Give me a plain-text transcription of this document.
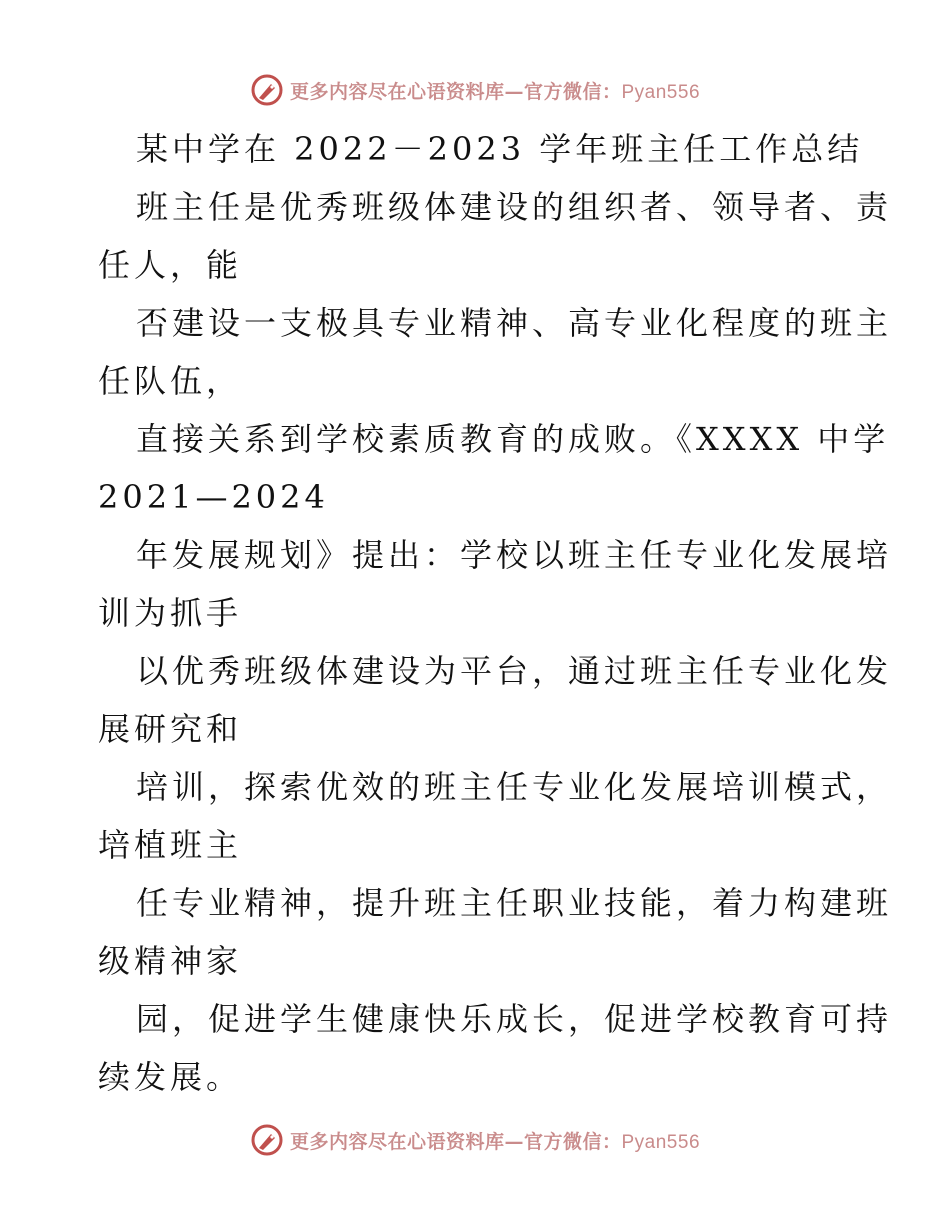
更多内容尽在心语资料库—官方微信：Pyan556

某中学在 2022－2023 学年班主任工作总结

班主任是优秀班级体建设的组织者、领导者、责

任人，能

否建设一支极具专业精神、高专业化程度的班主

任队伍，

直接关系到学校素质教育的成败。《XXXX 中学

2021—2024

年发展规划》提出：学校以班主任专业化发展培

训为抓手

以优秀班级体建设为平台，通过班主任专业化发

展研究和

培训，探索优效的班主任专业化发展培训模式，

培植班主

任专业精神，提升班主任职业技能，着力构建班

级精神家

园，促进学生健康快乐成长，促进学校教育可持

续发展。

更多内容尽在心语资料库—官方微信：Pyan556
